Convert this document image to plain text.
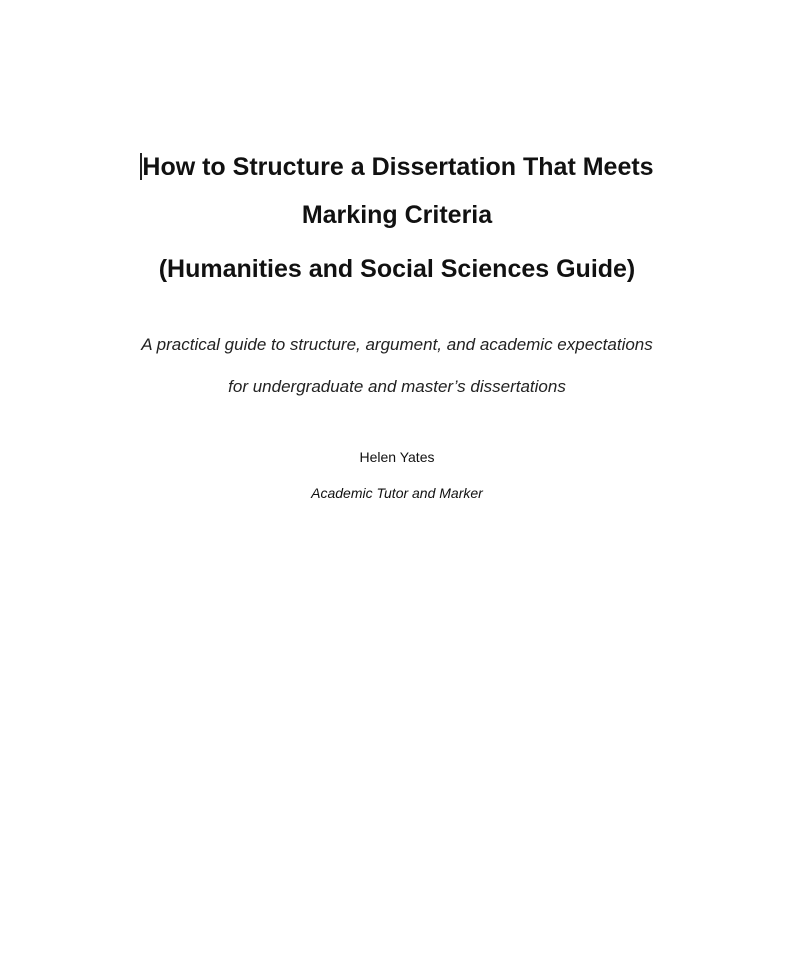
How to Structure a Dissertation That Meets
Marking Criteria
(Humanities and Social Sciences Guide)
A practical guide to structure, argument, and academic expectations
for undergraduate and master’s dissertations
Helen Yates
Academic Tutor and Marker
